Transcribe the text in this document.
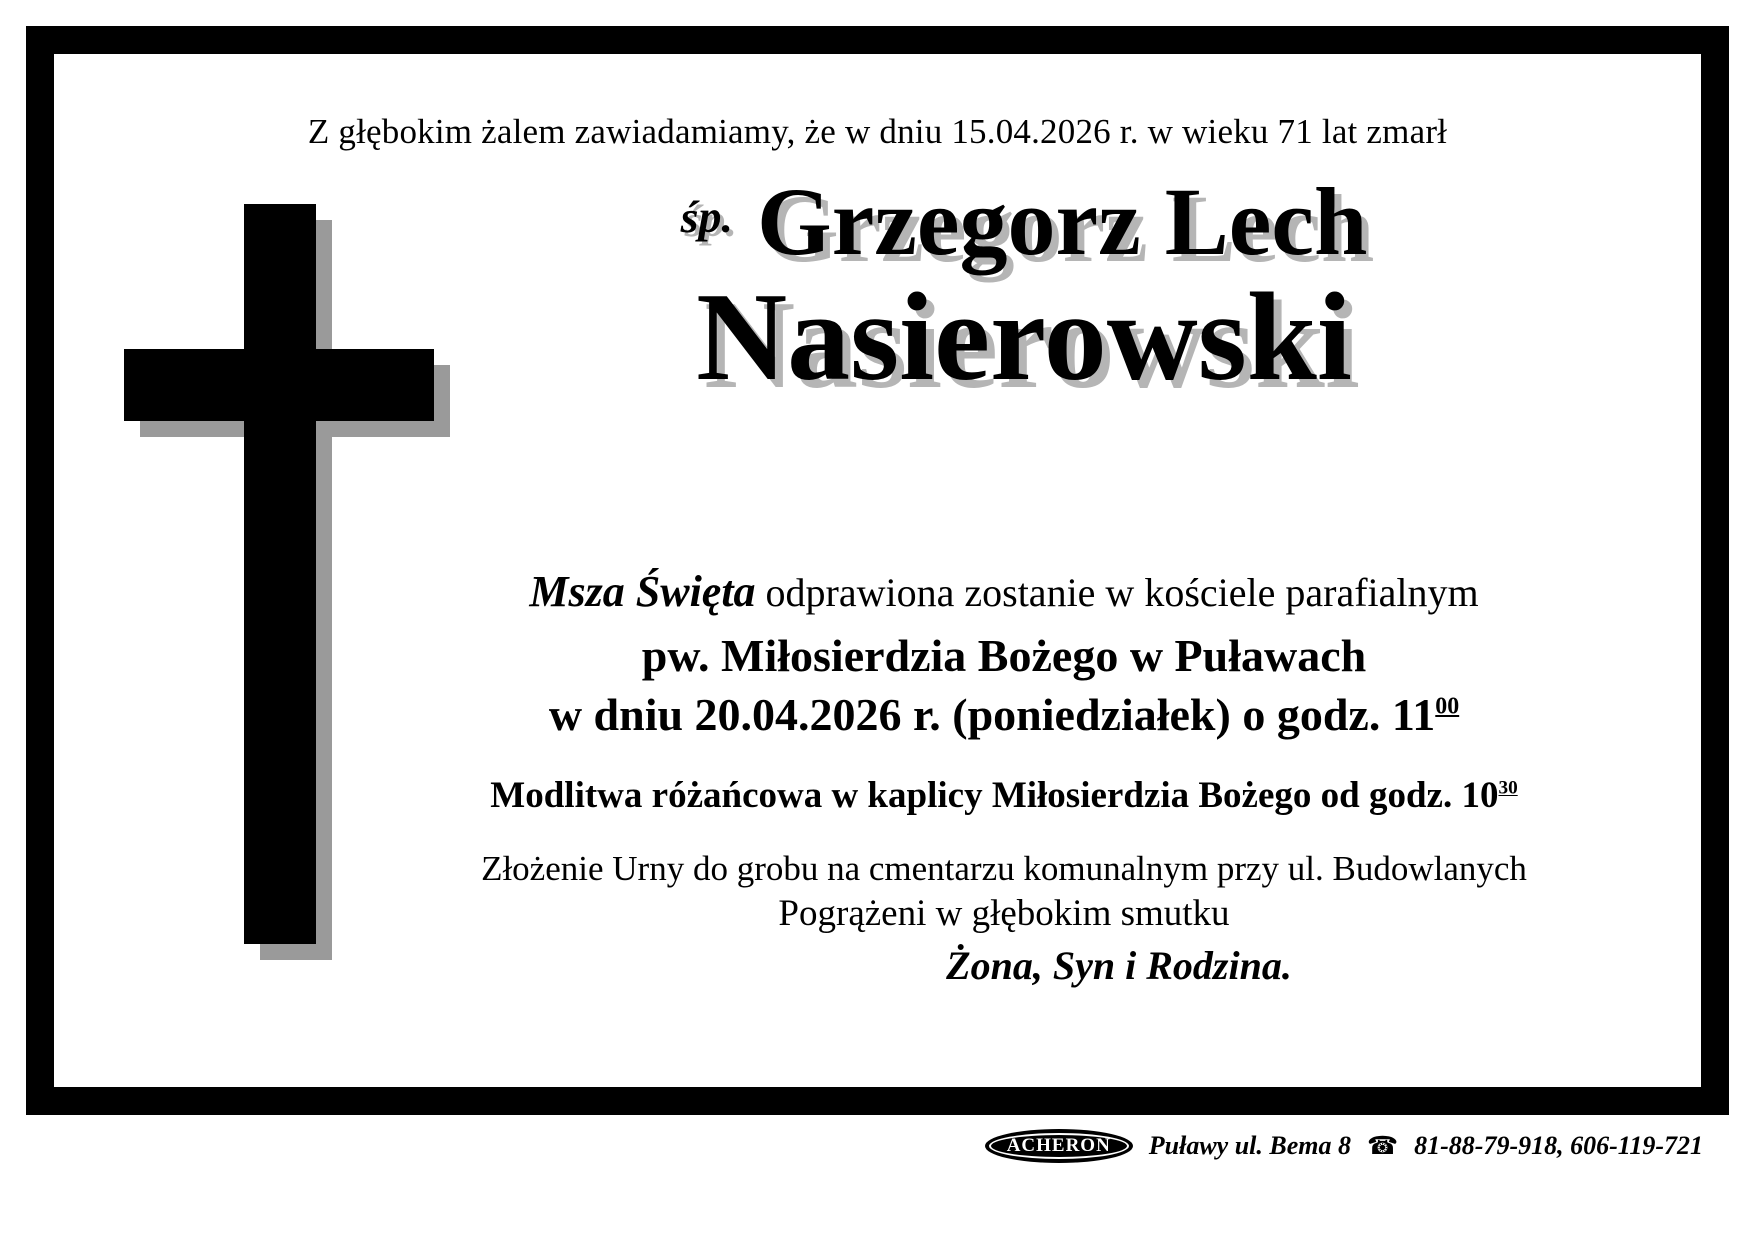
Z głębokim żalem zawiadamiamy, że w dniu 15.04.2026 r. w wieku 71 lat zmarł
$^{śp.}$ Grzegorz Lech
Nasierowski
Msza Święta odprawiona zostanie w kościele parafialnym
pw. Miłosierdzia Bożego w Puławach
w dniu 20.04.2026 r. (poniedziałek) o godz. $11^{00}$
Modlitwa różańcowa w kaplicy Miłosierdzia Bożego od godz. $10^{30}$
Złożenie Urny do grobu na cmentarzu komunalnym przy ul. Budowlanych
Pogrążeni w głębokim smutku
Żona, Syn i Rodzina.
ACHERON Puławy ul. Bema 8 ☎ 81-88-79-918, 606-119-721
